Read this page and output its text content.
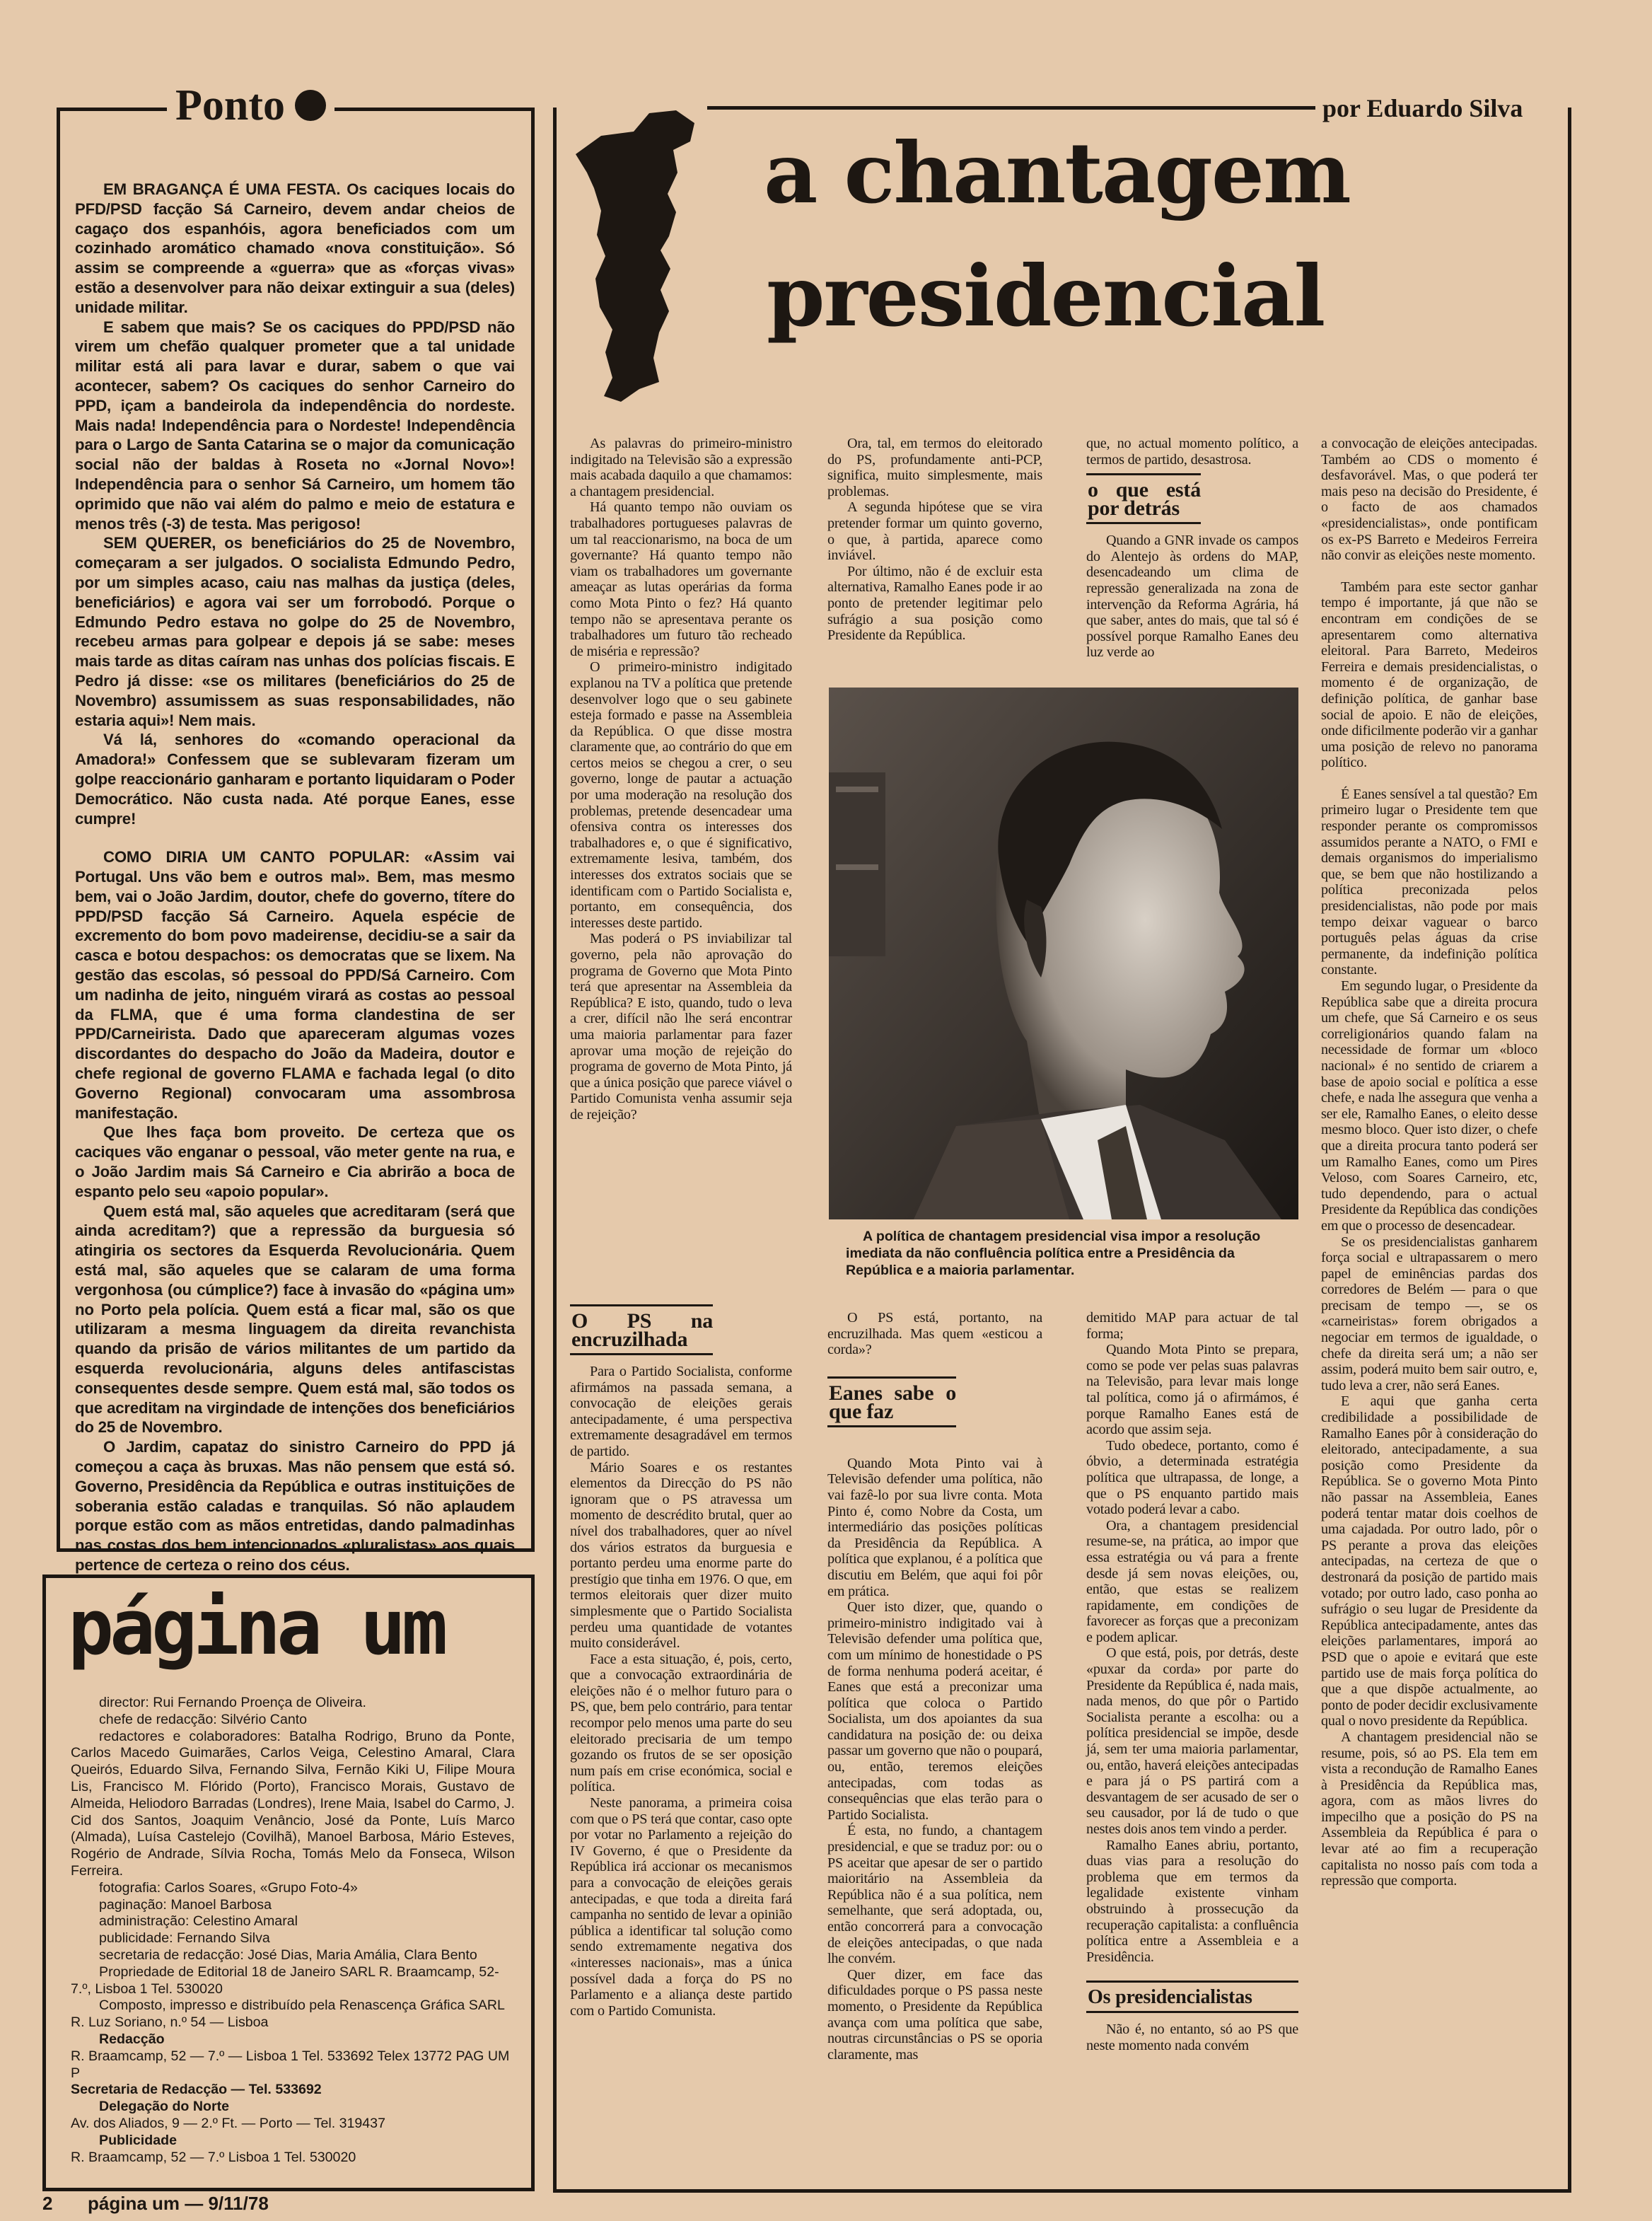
Ponto

EM BRAGANÇA É UMA FESTA. Os caciques locais do PFD/PSD facção Sá Carneiro, devem andar cheios de cagaço dos espanhóis, agora beneficiados com um cozinhado aromático chamado «nova constituição». Só assim se compreende a «guerra» que as «forças vivas» estão a desenvolver para não deixar extinguir a sua (deles) unidade militar.

E sabem que mais? Se os caciques do PPD/PSD não virem um chefão qualquer prometer que a tal unidade militar está ali para lavar e durar, sabem o que vai acontecer, sabem? Os caciques do senhor Carneiro do PPD, içam a bandeirola da independência do nordeste. Mais nada! Independência para o Nordeste! Independência para o Largo de Santa Catarina se o major da comunicação social não der baldas à Roseta no «Jornal Novo»! Independência para o senhor Sá Carneiro, um homem tão oprimido que não vai além do palmo e meio de estatura e menos três (-3) de testa. Mas perigoso!

SEM QUERER, os beneficiários do 25 de Novembro, começaram a ser julgados. O socialista Edmundo Pedro, por um simples acaso, caiu nas malhas da justiça (deles, beneficiários) e agora vai ser um forrobodó. Porque o Edmundo Pedro estava no golpe do 25 de Novembro, recebeu armas para golpear e depois já se sabe: meses mais tarde as ditas caíram nas unhas dos polícias fiscais. E Pedro já disse: «se os militares (beneficiários do 25 de Novembro) assumissem as suas responsabilidades, não estaria aqui»! Nem mais.

Vá lá, senhores do «comando operacional da Amadora!» Confessem que se sublevaram fizeram um golpe reaccionário ganharam e portanto liquidaram o Poder Democrático. Não custa nada. Até porque Eanes, esse cumpre!

COMO DIRIA UM CANTO POPULAR: «Assim vai Portugal. Uns vão bem e outros mal». Bem, mas mesmo bem, vai o João Jardim, doutor, chefe do governo, títere do PPD/PSD facção Sá Carneiro. Aquela espécie de excremento do bom povo madeirense, decidiu-se a sair da casca e botou despachos: os democratas que se lixem. Na gestão das escolas, só pessoal do PPD/Sá Carneiro. Com um nadinha de jeito, ninguém virará as costas ao pessoal da FLMA, que é uma forma clandestina de ser PPD/Carneirista. Dado que apareceram algumas vozes discordantes do despacho do João da Madeira, doutor e chefe regional de governo FLAMA e fachada legal (o dito Governo Regional) convocaram uma assombrosa manifestação.

Que lhes faça bom proveito. De certeza que os caciques vão enganar o pessoal, vão meter gente na rua, e o João Jardim mais Sá Carneiro e Cia abrirão a boca de espanto pelo seu «apoio popular».

Quem está mal, são aqueles que acreditaram (será que ainda acreditam?) que a repressão da burguesia só atingiria os sectores da Esquerda Revolucionária. Quem está mal, são aqueles que se calaram de uma forma vergonhosa (ou cúmplice?) face à invasão do «página um» no Porto pela polícia. Quem está a ficar mal, são os que utilizaram a mesma linguagem da direita revanchista quando da prisão de vários militantes de um partido da esquerda revolucionária, alguns deles antifascistas consequentes desde sempre. Quem está mal, são todos os que acreditam na virgindade de intenções dos beneficiários do 25 de Novembro.

O Jardim, capataz do sinistro Carneiro do PPD já começou a caça às bruxas. Mas não pensem que está só. Governo, Presidência da República e outras instituições de soberania estão caladas e tranquilas. Só não aplaudem porque estão com as mãos entretidas, dando palmadinhas nas costas dos bem intencionados «pluralistas» aos quais pertence de certeza o reino dos céus.

página um

director: Rui Fernando Proença de Oliveira.

chefe de redacção: Silvério Canto

redactores e colaboradores: Batalha Rodrigo, Bruno da Ponte, Carlos Macedo Guimarães, Carlos Veiga, Celestino Amaral, Clara Queirós, Eduardo Silva, Fernando Silva, Fernão Kiki U, Filipe Moura Lis, Francisco M. Flórido (Porto), Francisco Morais, Gustavo de Almeida, Heliodoro Barradas (Londres), Irene Maia, Isabel do Carmo, J. Cid dos Santos, Joaquim Venâncio, José da Ponte, Luís Marco (Almada), Luísa Castelejo (Covilhã), Manoel Barbosa, Mário Esteves, Rogério de Andrade, Sílvia Rocha, Tomás Melo da Fonseca, Wilson Ferreira.

fotografia: Carlos Soares, «Grupo Foto-4»

paginação: Manoel Barbosa

administração: Celestino Amaral

publicidade: Fernando Silva

secretaria de redacção: José Dias, Maria Amália, Clara Bento

Propriedade de Editorial 18 de Janeiro SARL R. Braamcamp, 52-7.º, Lisboa 1 Tel. 530020

Composto, impresso e distribuído pela Renascença Gráfica SARL R. Luz Soriano, n.º 54 — Lisboa

Redacção

R. Braamcamp, 52 — 7.º — Lisboa 1 Tel. 533692 Telex 13772 PAG UM P

Secretaria de Redacção — Tel. 533692

Delegação do Norte

Av. dos Aliados, 9 — 2.º Ft. — Porto — Tel. 319437

Publicidade

R. Braamcamp, 52 — 7.º Lisboa 1 Tel. 530020

2 página um — 9/11/78
por Eduardo Silva
a chantagem
presidencial

As palavras do primeiro-ministro indigitado na Televisão são a expressão mais acabada daquilo a que chamamos: a chantagem presidencial.

Há quanto tempo não ouviam os trabalhadores portugueses palavras de um tal reaccionarismo, na boca de um governante? Há quanto tempo não viam os trabalhadores um governante ameaçar as lutas operárias da forma como Mota Pinto o fez? Há quanto tempo não se apresentava perante os trabalhadores um futuro tão recheado de miséria e repressão?

O primeiro-ministro indigitado explanou na TV a política que pretende desenvolver logo que o seu gabinete esteja formado e passe na Assembleia da República. O que disse mostra claramente que, ao contrário do que em certos meios se chegou a crer, o seu governo, longe de pautar a actuação por uma moderação na resolução dos problemas, pretende desencadear uma ofensiva contra os interesses dos trabalhadores e, o que é significativo, extremamente lesiva, também, dos interesses dos extratos sociais que se identificam com o Partido Socialista e, portanto, em consequência, dos interesses deste partido.

Mas poderá o PS inviabilizar tal governo, pela não aprovação do programa de Governo que Mota Pinto terá que apresentar na Assembleia da República? E isto, quando, tudo o leva a crer, difícil não lhe será encontrar uma maioria parlamentar para fazer aprovar uma moção de rejeição do programa de governo de Mota Pinto, já que a única posição que parece viável o Partido Comunista venha assumir seja de rejeição?

Ora, tal, em termos do eleitorado do PS, profundamente anti-PCP, significa, muito simplesmente, mais problemas.

A segunda hipótese que se vira pretender formar um quinto governo, o que, à partida, aparece como inviável.

Por último, não é de excluir esta alternativa, Ramalho Eanes pode ir ao ponto de pretender legitimar pelo sufrágio a sua posição como Presidente da República.

que, no actual momento político, a termos de partido, desastrosa.

o que está por detrás

Quando a GNR invade os campos do Alentejo às ordens do MAP, desencadeando um clima de repressão generalizada na zona de intervenção da Reforma Agrária, há que saber, antes do mais, que tal só é possível porque Ramalho Eanes deu luz verde ao

A política de chantagem presidencial visa impor a resolução imediata da não confluência política entre a Presidência da República e a maioria parlamentar.

a convocação de eleições antecipadas. Também ao CDS o momento é desfavorável. Mas, o que poderá ter mais peso na decisão do Presidente, é o facto de aos chamados «presidencialistas», onde pontificam os ex-PS Barreto e Medeiros Ferreira não convir as eleições neste momento.

Também para este sector ganhar tempo é importante, já que não se encontram em condições de se apresentarem como alternativa eleitoral. Para Barreto, Medeiros Ferreira e demais presidencialistas, o momento é de organização, de definição política, de ganhar base social de apoio. E não de eleições, onde dificilmente poderão vir a ganhar uma posição de relevo no panorama político.

É Eanes sensível a tal questão? Em primeiro lugar o Presidente tem que responder perante os compromissos assumidos perante a NATO, o FMI e demais organismos do imperialismo que, se bem que não hostilizando a política preconizada pelos presidencialistas, não pode por mais tempo deixar vaguear o barco português pelas águas da crise permanente, da indefinição política constante.

Em segundo lugar, o Presidente da República sabe que a direita procura um chefe, que Sá Carneiro e os seus correligionários quando falam na necessidade de formar um «bloco nacional» é no sentido de criarem a base de apoio social e política a esse chefe, e nada lhe assegura que venha a ser ele, Ramalho Eanes, o eleito desse mesmo bloco. Quer isto dizer, o chefe que a direita procura tanto poderá ser um Ramalho Eanes, como um Pires Veloso, com Soares Carneiro, etc, tudo dependendo, para o actual Presidente da República das condições em que o processo de desencadear.

Se os presidencialistas ganharem força social e ultrapassarem o mero papel de eminências pardas dos corredores de Belém — para o que precisam de tempo —, se os «carneiristas» forem obrigados a negociar em termos de igualdade, o chefe da direita será um; a não ser assim, poderá muito bem sair outro, e, tudo leva a crer, não será Eanes.

E aqui que ganha certa credibilidade a possibilidade de Ramalho Eanes pôr à consideração do eleitorado, antecipadamente, a sua posição como Presidente da República. Se o governo Mota Pinto não passar na Assembleia, Eanes poderá tentar matar dois coelhos de uma cajadada. Por outro lado, pôr o PS perante a prova das eleições antecipadas, na certeza de que o destronará da posição de partido mais votado; por outro lado, caso ponha ao sufrágio o seu lugar de Presidente da República antecipadamente, antes das eleições parlamentares, imporá ao PSD que o apoie e evitará que este partido use de mais força política do que a que dispõe actualmente, ao ponto de poder decidir exclusivamente qual o novo presidente da República.

A chantagem presidencial não se resume, pois, só ao PS. Ela tem em vista a recondução de Ramalho Eanes à Presidência da República mas, agora, com as mãos livres do impecilho que a posição do PS na Assembleia da República é para o levar até ao fim a recuperação capitalista no nosso país com toda a repressão que comporta.

O PS na encruzilhada

Para o Partido Socialista, conforme afirmámos na passada semana, a convocação de eleições gerais antecipadamente, é uma perspectiva extremamente desagradável em termos de partido.

Mário Soares e os restantes elementos da Direcção do PS não ignoram que o PS atravessa um momento de descrédito brutal, quer ao nível dos trabalhadores, quer ao nível dos vários estratos da burguesia e portanto perdeu uma enorme parte do prestígio que tinha em 1976. O que, em termos eleitorais quer dizer muito simplesmente que o Partido Socialista perdeu uma quantidade de votantes muito considerável.

Face a esta situação, é, pois, certo, que a convocação extraordinária de eleições não é o melhor futuro para o PS, que, bem pelo contrário, para tentar recompor pelo menos uma parte do seu eleitorado precisaria de um tempo gozando os frutos de se ser oposição num país em crise económica, social e política.

Neste panorama, a primeira coisa com que o PS terá que contar, caso opte por votar no Parlamento a rejeição do IV Governo, é que o Presidente da República irá accionar os mecanismos para a convocação de eleições gerais antecipadas, e que toda a direita fará campanha no sentido de levar a opinião pública a identificar tal solução como sendo extremamente negativa dos «interesses nacionais», mas a única possível dada a força do PS no Parlamento e a aliança deste partido com o Partido Comunista.

O PS está, portanto, na encruzilhada. Mas quem «esticou a corda»?

Eanes sabe o que faz

Quando Mota Pinto vai à Televisão defender uma política, não vai fazê-lo por sua livre conta. Mota Pinto é, como Nobre da Costa, um intermediário das posições políticas da Presidência da República. A política que explanou, é a política que discutiu em Belém, que aqui foi pôr em prática.

Quer isto dizer, que, quando o primeiro-ministro indigitado vai à Televisão defender uma política que, com um mínimo de honestidade o PS de forma nenhuma poderá aceitar, é Eanes que está a preconizar uma política que coloca o Partido Socialista, um dos apoiantes da sua candidatura na posição de: ou deixa passar um governo que não o poupará, ou, então, teremos eleições antecipadas, com todas as consequências que elas terão para o Partido Socialista.

É esta, no fundo, a chantagem presidencial, e que se traduz por: ou o PS aceitar que apesar de ser o partido maioritário na Assembleia da República não é a sua política, nem semelhante, que será adoptada, ou, então concorrerá para a convocação de eleições antecipadas, o que nada lhe convém.

Quer dizer, em face das dificuldades porque o PS passa neste momento, o Presidente da República avança com uma política que sabe, noutras circunstâncias o PS se oporia claramente, mas

demitido MAP para actuar de tal forma;

Quando Mota Pinto se prepara, como se pode ver pelas suas palavras na Televisão, para levar mais longe tal política, como já o afirmámos, é porque Ramalho Eanes está de acordo que assim seja.

Tudo obedece, portanto, como é óbvio, a determinada estratégia política que ultrapassa, de longe, a que o PS enquanto partido mais votado poderá levar a cabo.

Ora, a chantagem presidencial resume-se, na prática, ao impor que essa estratégia ou vá para a frente desde já sem novas eleições, ou, então, que estas se realizem rapidamente, em condições de favorecer as forças que a preconizam e podem aplicar.

O que está, pois, por detrás, deste «puxar da corda» por parte do Presidente da República é, nada mais, nada menos, do que pôr o Partido Socialista perante a escolha: ou a política presidencial se impõe, desde já, sem ter uma maioria parlamentar, ou, então, haverá eleições antecipadas e para já o PS partirá com a desvantagem de ser acusado de ser o seu causador, por lá de tudo o que nestes dois anos tem vindo a perder.

Ramalho Eanes abriu, portanto, duas vias para a resolução do problema que em termos da legalidade existente vinham obstruindo à prossecução da recuperação capitalista: a confluência política entre a Assembleia e a Presidência.

Os presidencialistas

Não é, no entanto, só ao PS que neste momento nada convém
